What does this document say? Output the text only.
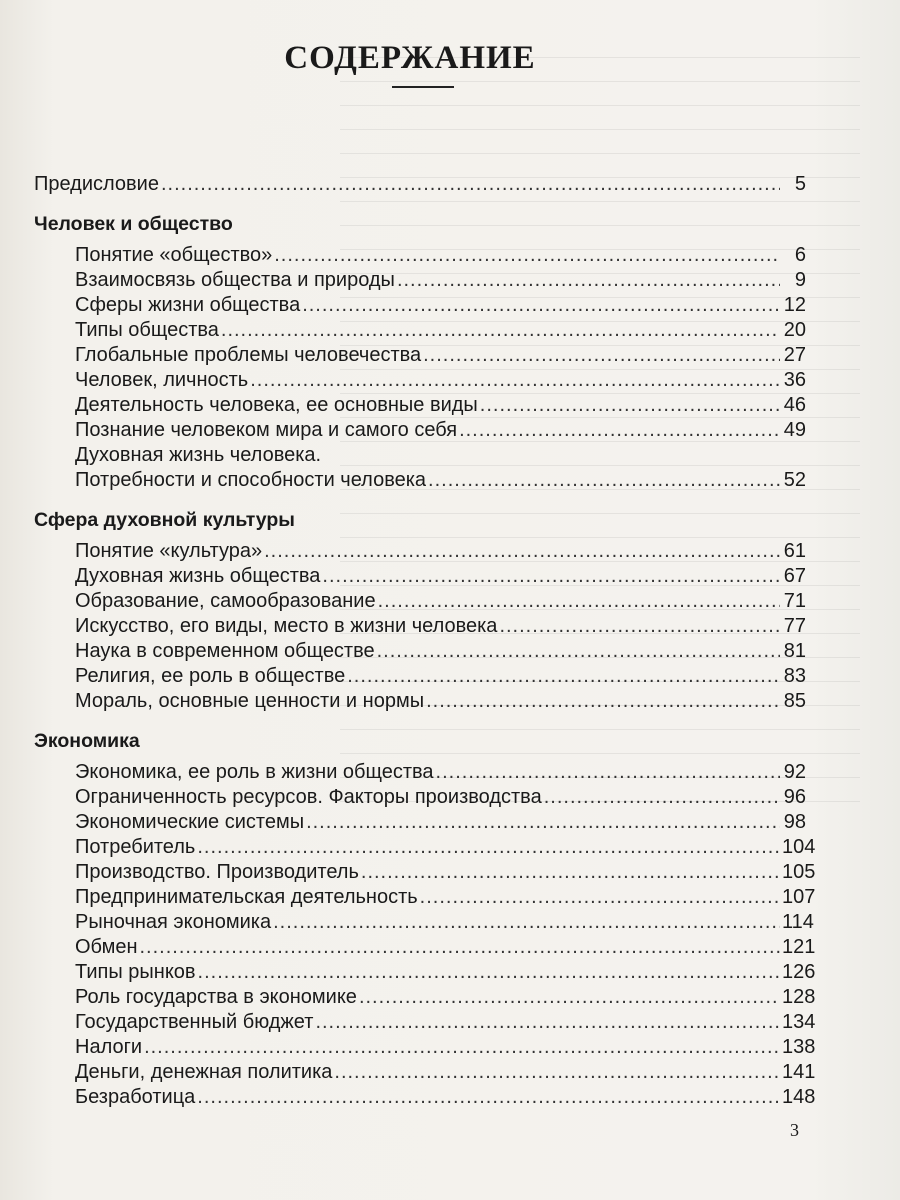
СОДЕРЖАНИЕ
Предисловие .....	5
Человек и общество
Понятие «общество» .....	6
Взаимосвязь общества и природы .....	9
Сферы жизни общества .....	12
Типы общества .....	20
Глобальные проблемы человечества .....	27
Человек, личность .....	36
Деятельность человека, ее основные виды .....	46
Познание человеком мира и самого себя .....	49
Духовная жизнь человека.
Потребности и способности человека .....	52
Сфера духовной культуры
Понятие «культура» .....	61
Духовная жизнь общества .....	67
Образование, самообразование .....	71
Искусство, его виды, место в жизни человека .....	77
Наука в современном обществе .....	81
Религия, ее роль в обществе .....	83
Мораль, основные ценности и нормы .....	85
Экономика
Экономика, ее роль в жизни общества .....	92
Ограниченность ресурсов. Факторы производства .....	96
Экономические системы .....	98
Потребитель .....	104
Производство. Производитель .....	105
Предпринимательская деятельность .....	107
Рыночная экономика .....	114
Обмен .....	121
Типы рынков .....	126
Роль государства в экономике .....	128
Государственный бюджет .....	134
Налоги .....	138
Деньги, денежная политика .....	141
Безработица .....	148
3
